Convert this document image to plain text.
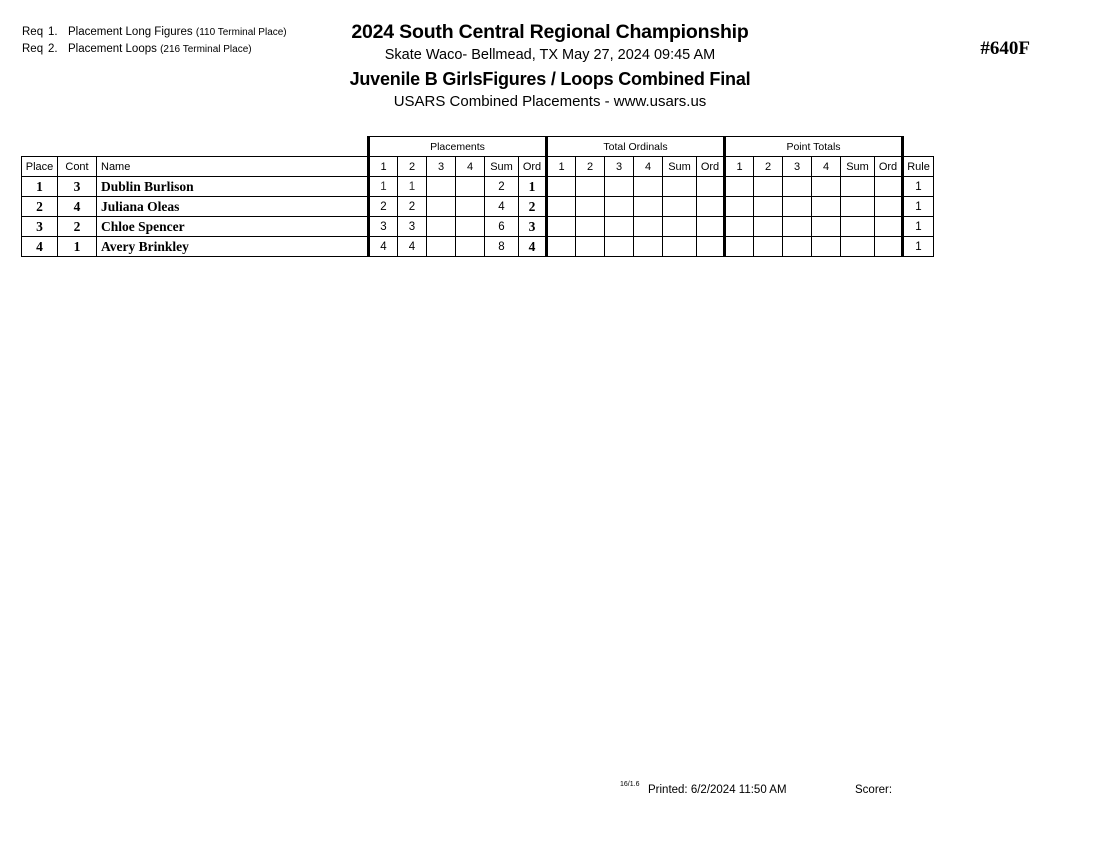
Req 1. Placement Long Figures (110 Terminal Place)
Req 2. Placement Loops (216 Terminal Place)
2024 South Central Regional Championship
Skate Waco- Bellmead, TX May 27, 2024 09:45 AM
Juvenile B GirlsFigures / Loops Combined Final
USARS Combined Placements - www.usars.us
#640F
			Placements						Total Ordinals						Point Totals						
Place	Cont	Name	1	2	3	4	Sum	Ord	1	2	3	4	Sum	Ord	1	2	3	4	Sum	Ord	Rule
1	3	Dublin Burlison	1	1			2	1													1
2	4	Juliana Oleas	2	2			4	2													1
3	2	Chloe Spencer	3	3			6	3													1
4	1	Avery Brinkley	4	4			8	4													1
16/1.6 Printed: 6/2/2024 11:50 AM	Scorer:
